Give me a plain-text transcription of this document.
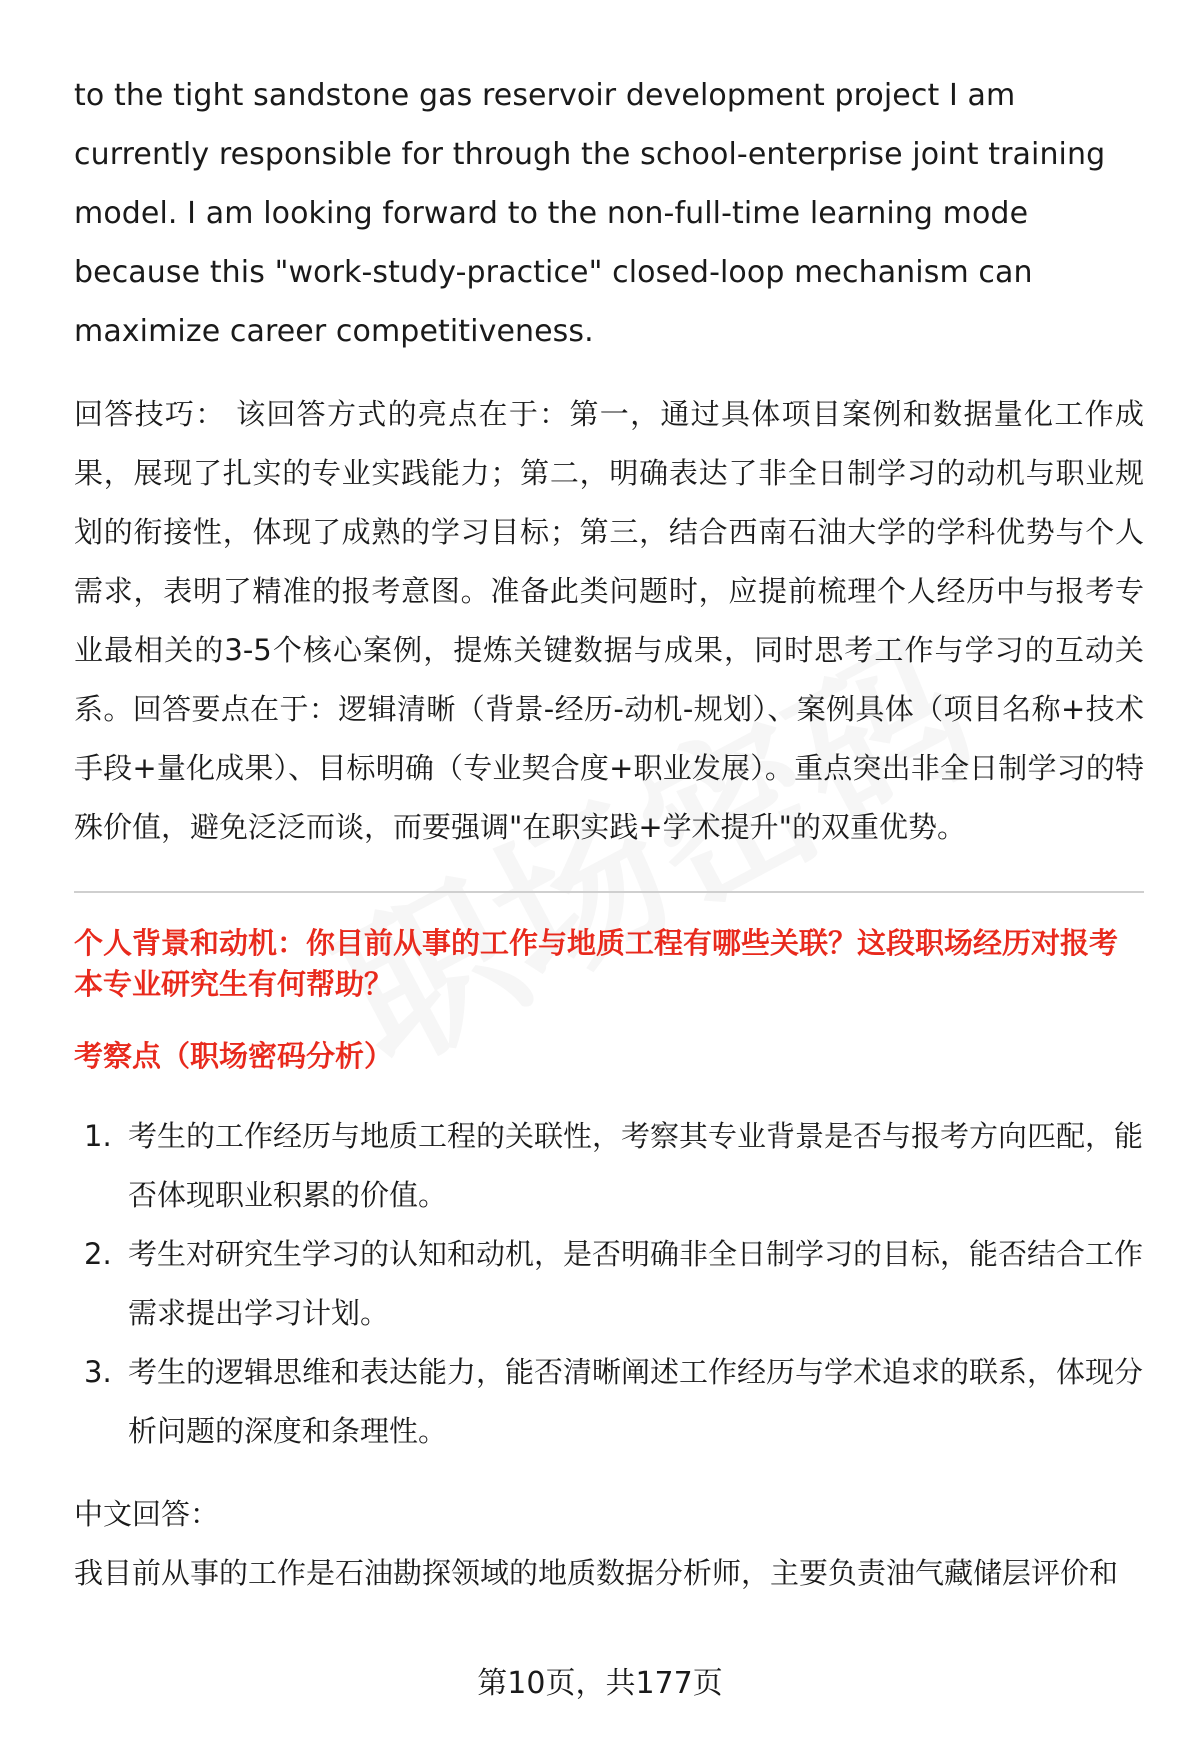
to the tight sandstone gas reservoir development project I am currently responsible for through the school-enterprise joint training model. I am looking forward to the non-full-time learning mode because this "work-study-practice" closed-loop mechanism can maximize career competitiveness.

回答技巧： 该回答方式的亮点在于：第一，通过具体项目案例和数据量化工作成果，展现了扎实的专业实践能力；第二，明确表达了非全日制学习的动机与职业规划的衔接性，体现了成熟的学习目标；第三，结合西南石油大学的学科优势与个人需求，表明了精准的报考意图。准备此类问题时，应提前梳理个人经历中与报考专业最相关的3-5个核心案例，提炼关键数据与成果，同时思考工作与学习的互动关系。回答要点在于：逻辑清晰（背景-经历-动机-规划）、案例具体（项目名称+技术手段+量化成果）、目标明确（专业契合度+职业发展）。重点突出非全日制学习的特殊价值，避免泛泛而谈，而要强调"在职实践+学术提升"的双重优势。

个人背景和动机：你目前从事的工作与地质工程有哪些关联？这段职场经历对报考本专业研究生有何帮助？
考察点（职场密码分析）
1. 考生的工作经历与地质工程的关联性，考察其专业背景是否与报考方向匹配，能否体现职业积累的价值。
2. 考生对研究生学习的认知和动机，是否明确非全日制学习的目标，能否结合工作需求提出学习计划。
3. 考生的逻辑思维和表达能力，能否清晰阐述工作经历与学术追求的联系，体现分析问题的深度和条理性。

中文回答：

我目前从事的工作是石油勘探领域的地质数据分析师，主要负责油气藏储层评价和

第10页，共177页
